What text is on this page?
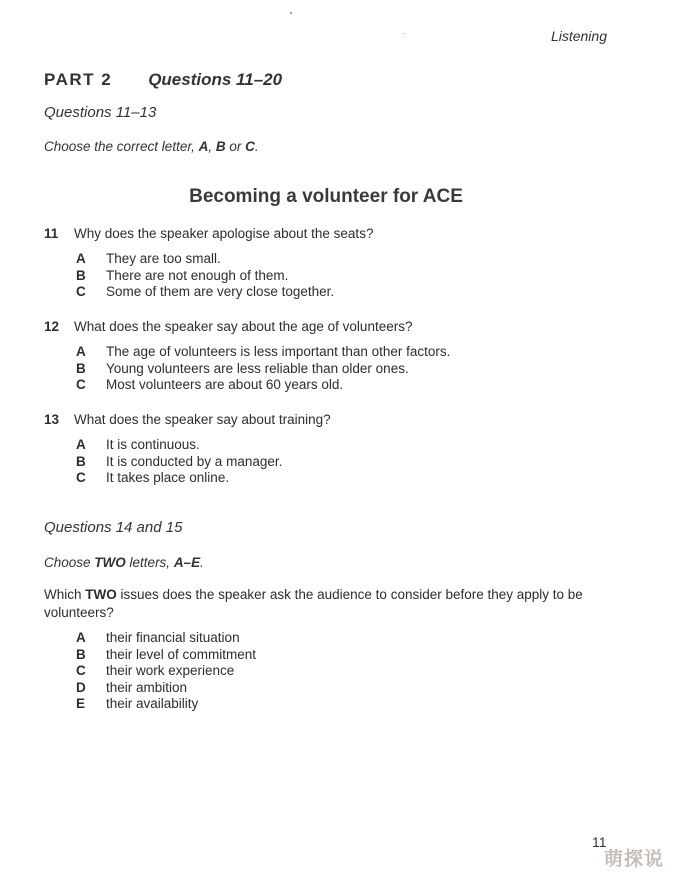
Listening
PART 2 Questions 11–20
Questions 11–13
Choose the correct letter, A, B or C.
Becoming a volunteer for ACE
11 Why does the speaker apologise about the seats?
A	They are too small.
B	There are not enough of them.
C	Some of them are very close together.
12 What does the speaker say about the age of volunteers?
A	The age of volunteers is less important than other factors.
B	Young volunteers are less reliable than older ones.
C	Most volunteers are about 60 years old.
13 What does the speaker say about training?
A	It is continuous.
B	It is conducted by a manager.
C	It takes place online.
Questions 14 and 15
Choose TWO letters, A–E.
Which TWO issues does the speaker ask the audience to consider before they apply to be volunteers?
A	their financial situation
B	their level of commitment
C	their work experience
D	their ambition
E	their availability
11
萌探说
